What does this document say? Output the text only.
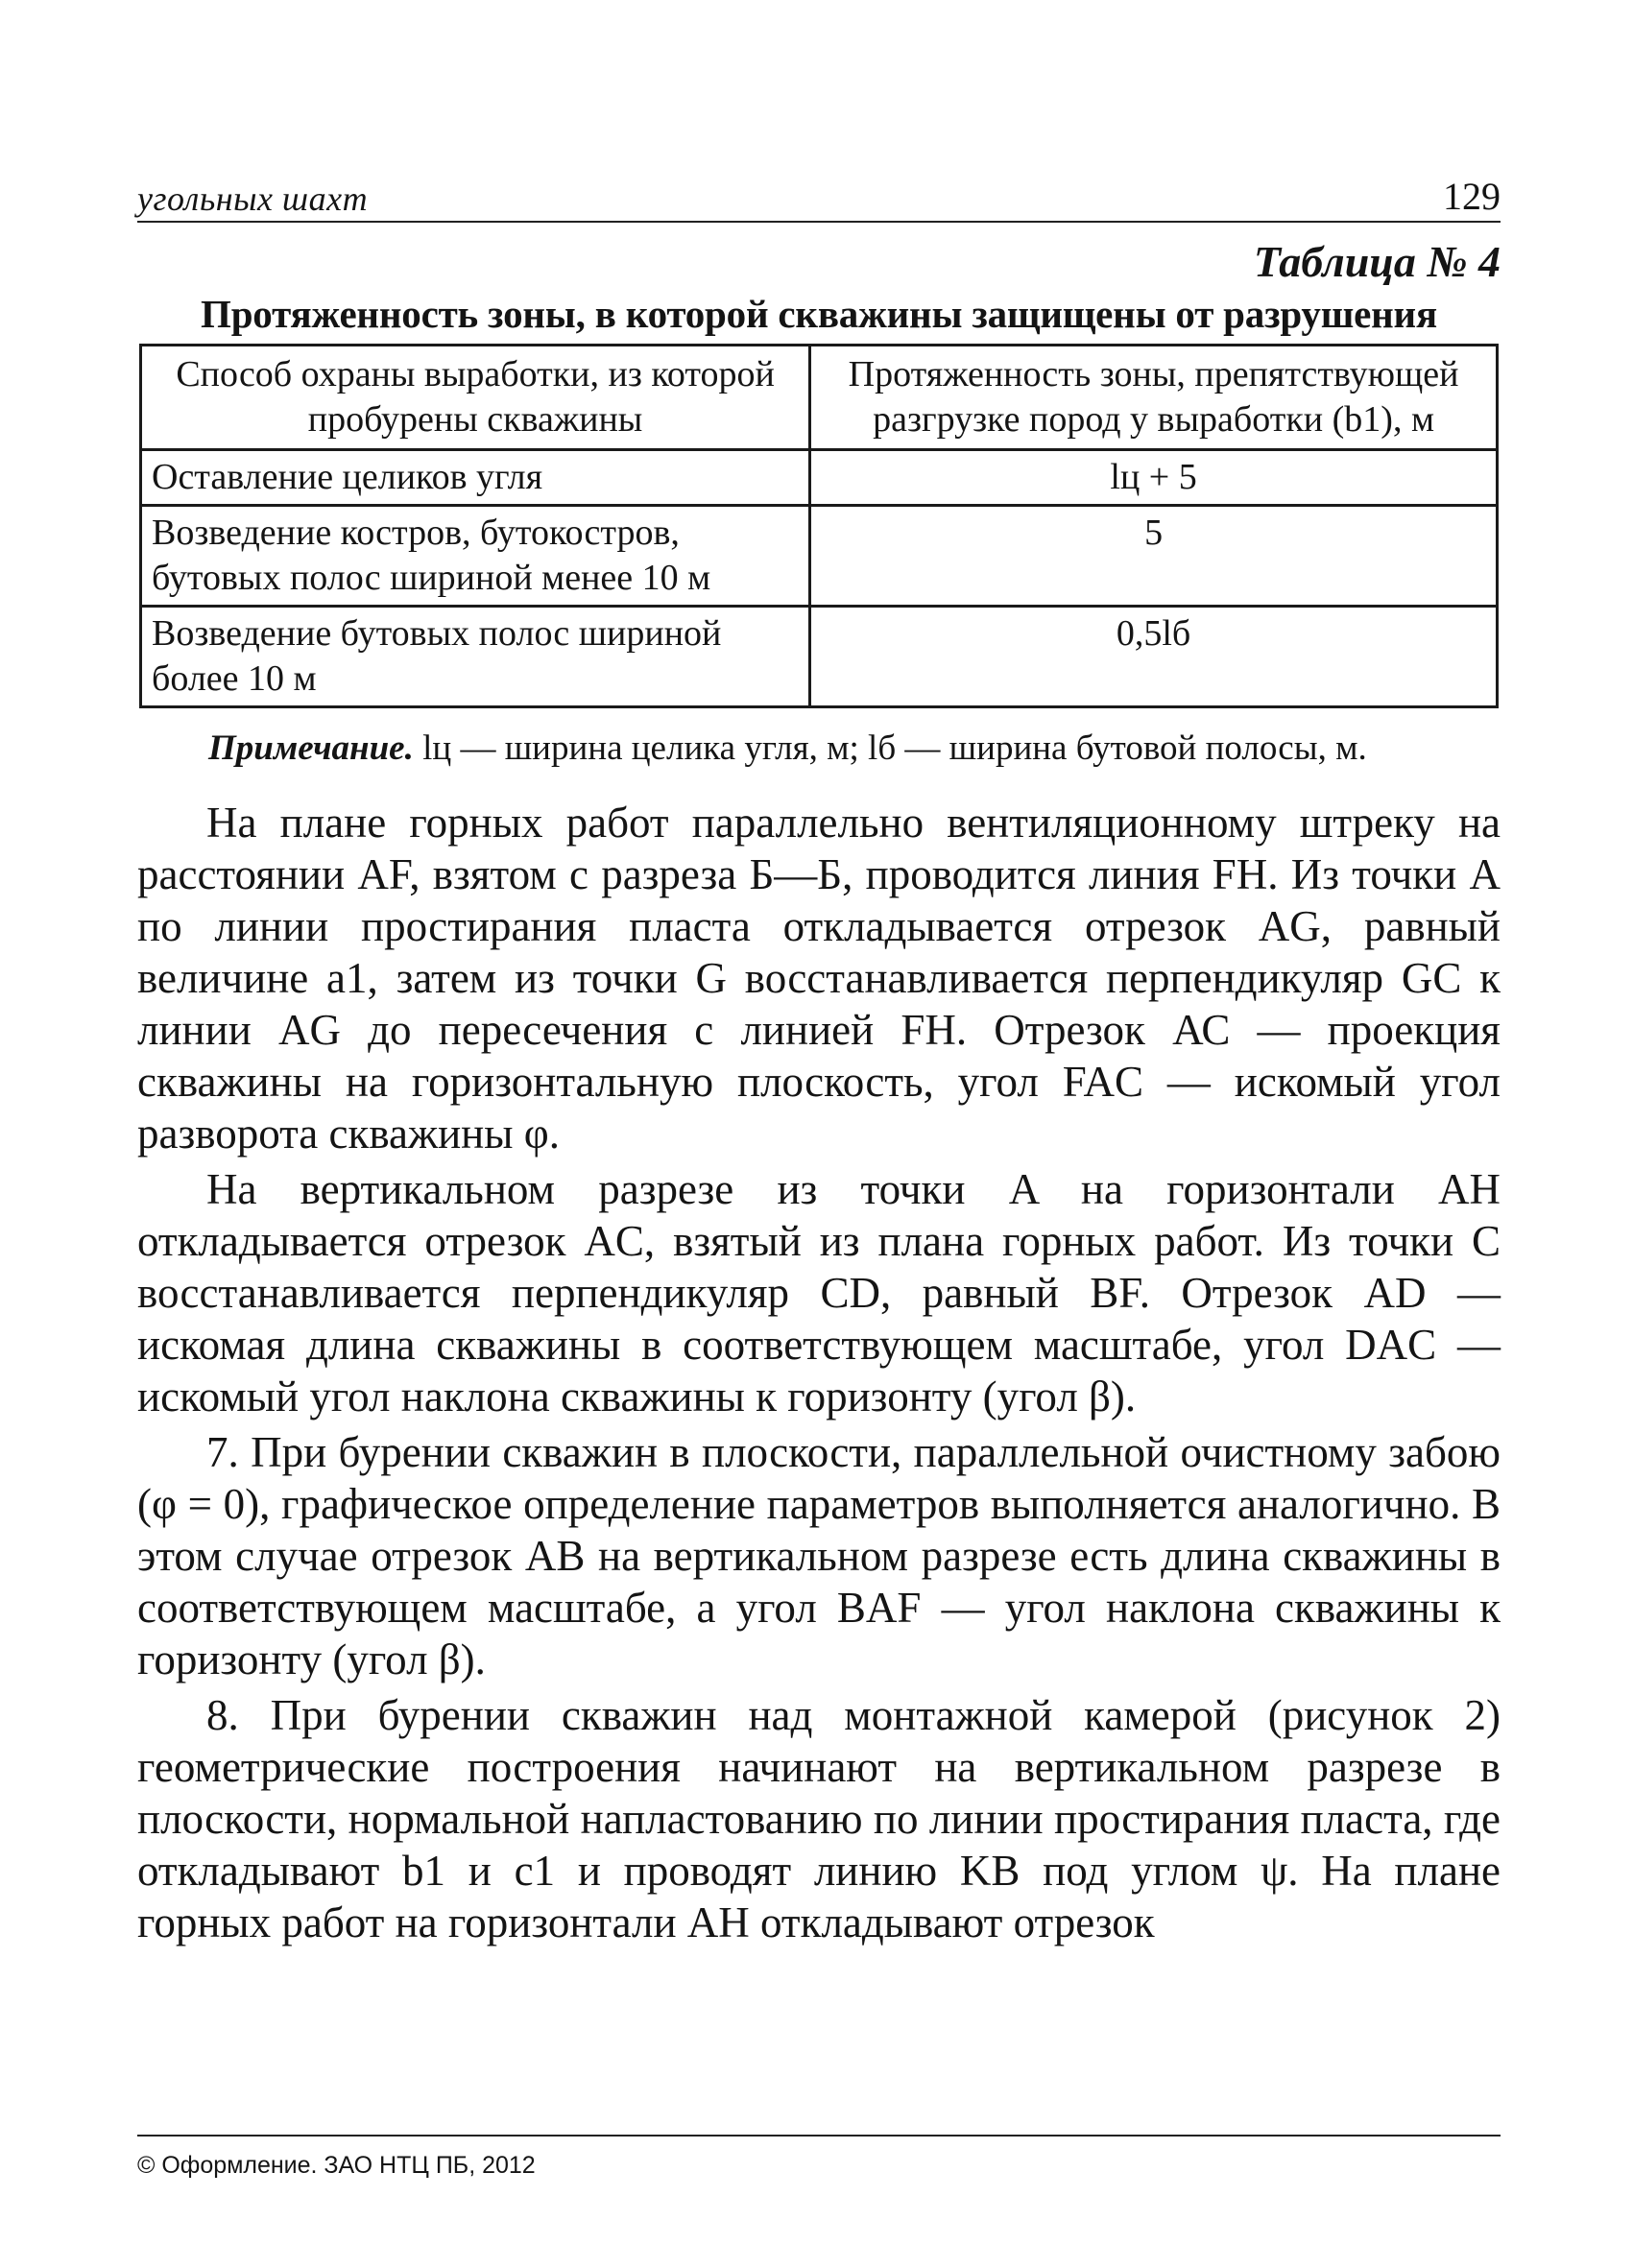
угольных шахт	129
Таблица № 4
Протяженность зоны, в которой скважины защищены от разрушения
Способ охраны выработки, из которой пробурены скважины	Протяженность зоны, препятствующей разгрузке пород у выработки (b1), м
Оставление целиков угля	lц + 5
Возведение костров, бутокостров, бутовых полос шириной менее 10 м	5
Возведение бутовых полос шириной более 10 м	0,5lб
Примечание. lц — ширина целика угля, м; lб — ширина бутовой полосы, м.

На плане горных работ параллельно вентиляционному штреку на расстоянии AF, взятом с разреза Б—Б, проводится линия FH. Из точки A по линии простирания пласта откладывается отрезок AG, равный величине a1, затем из точки G восстанавливается перпендикуляр GC к линии AG до пересечения с линией FH. Отрезок АС — проекция скважины на горизонтальную плоскость, угол FAC — искомый угол разворота скважины φ.

На вертикальном разрезе из точки A на горизонтали AH откладывается отрезок AC, взятый из плана горных работ. Из точки C восстанавливается перпендикуляр CD, равный BF. Отрезок AD — искомая длина скважины в соответствующем масштабе, угол DAC — искомый угол наклона скважины к горизонту (угол β).

7. При бурении скважин в плоскости, параллельной очистному забою (φ = 0), графическое определение параметров выполняется аналогично. В этом случае отрезок AB на вертикальном разрезе есть длина скважины в соответствующем масштабе, а угол BAF — угол наклона скважины к горизонту (угол β).

8. При бурении скважин над монтажной камерой (рисунок 2) геометрические построения начинают на вертикальном разрезе в плоскости, нормальной напластованию по линии простирания пласта, где откладывают b1 и c1 и проводят линию KB под углом ψ. На плане горных работ на горизонтали AH откладывают отрезок

© Оформление. ЗАО НТЦ ПБ, 2012
